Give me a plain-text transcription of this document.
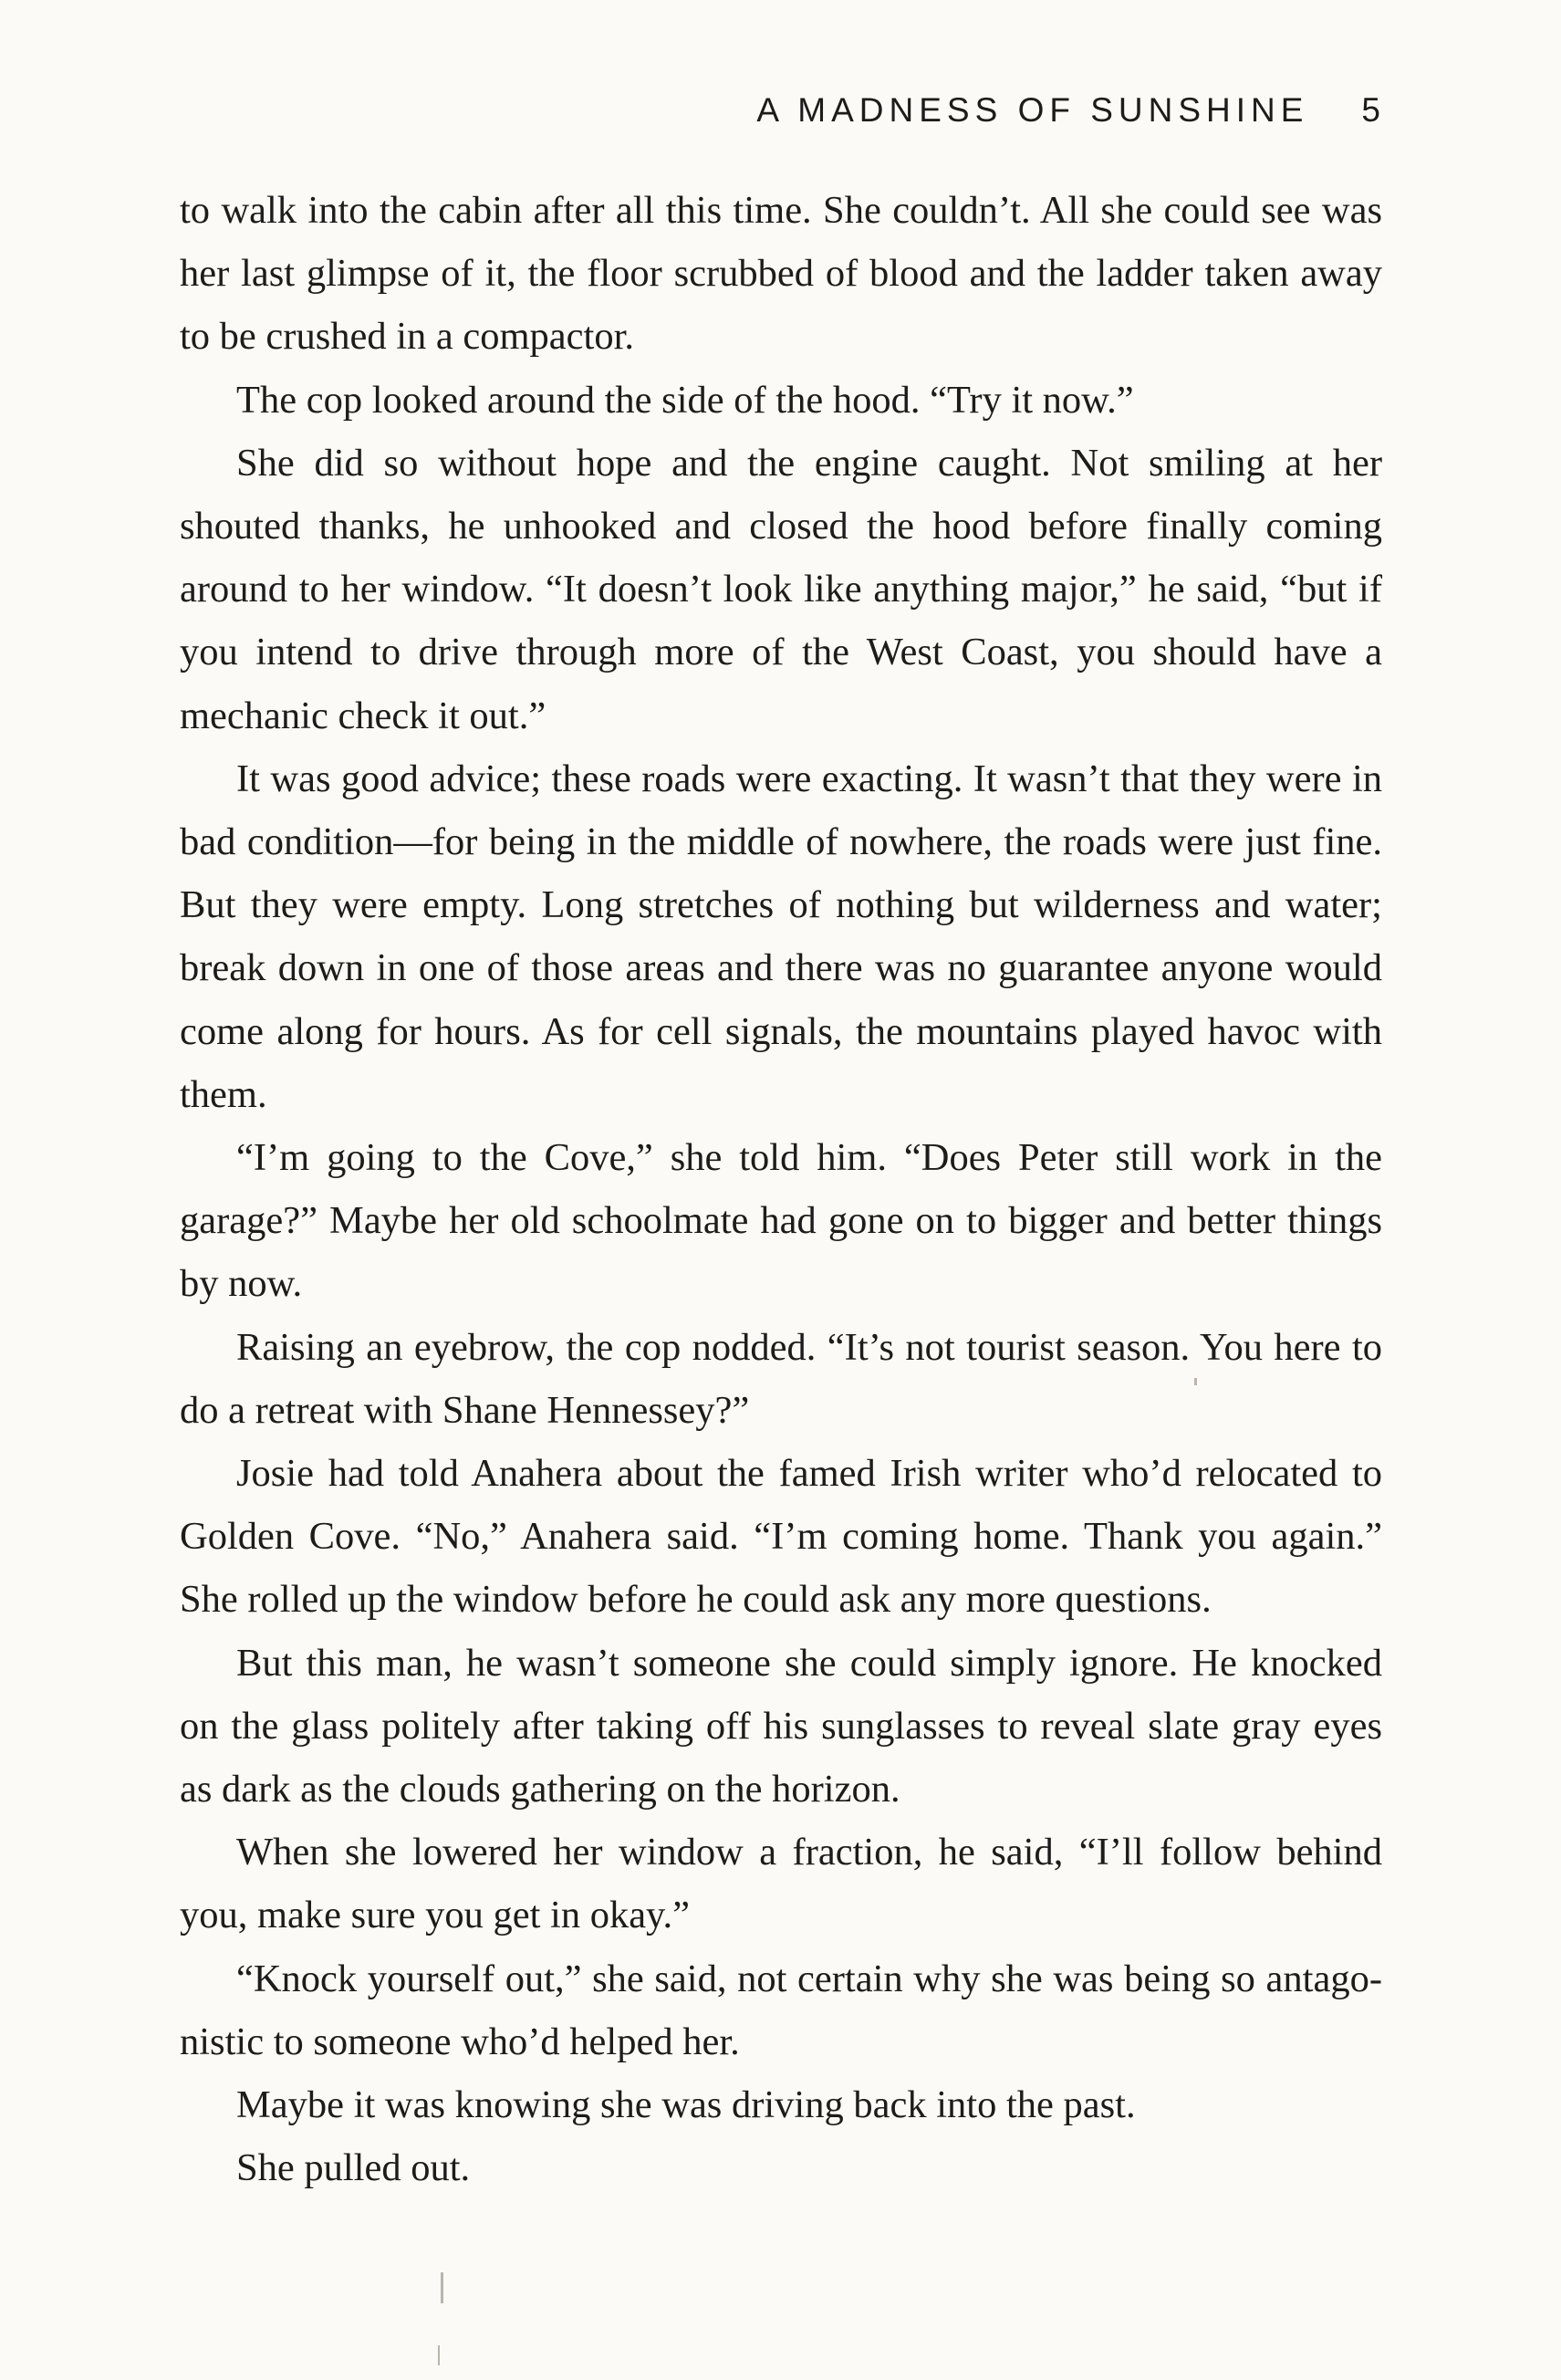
A MADNESS OF SUNSHINE 5

to walk into the cabin after all this time. She couldn’t. All she could see was her last glimpse of it, the floor scrubbed of blood and the ladder taken away to be crushed in a compactor.

The cop looked around the side of the hood. “Try it now.”

She did so without hope and the engine caught. Not smiling at her shouted thanks, he unhooked and closed the hood before finally coming around to her window. “It doesn’t look like anything major,” he said, “but if you intend to drive through more of the West Coast, you should have a mechanic check it out.”

It was good advice; these roads were exacting. It wasn’t that they were in bad condition—for being in the middle of nowhere, the roads were just fine. But they were empty. Long stretches of nothing but wilderness and water; break down in one of those areas and there was no guarantee anyone would come along for hours. As for cell signals, the mountains played havoc with them.

“I’m going to the Cove,” she told him. “Does Peter still work in the garage?” Maybe her old schoolmate had gone on to bigger and better things by now.

Raising an eyebrow, the cop nodded. “It’s not tourist season. You here to do a retreat with Shane Hennessey?”

Josie had told Anahera about the famed Irish writer who’d relocated to Golden Cove. “No,” Anahera said. “I’m coming home. Thank you again.” She rolled up the window before he could ask any more questions.

But this man, he wasn’t someone she could simply ignore. He knocked on the glass politely after taking off his sunglasses to reveal slate gray eyes as dark as the clouds gathering on the horizon.

When she lowered her window a fraction, he said, “I’ll follow behind you, make sure you get in okay.”

“Knock yourself out,” she said, not certain why she was being so antagonistic to someone who’d helped her.

Maybe it was knowing she was driving back into the past.

She pulled out.
